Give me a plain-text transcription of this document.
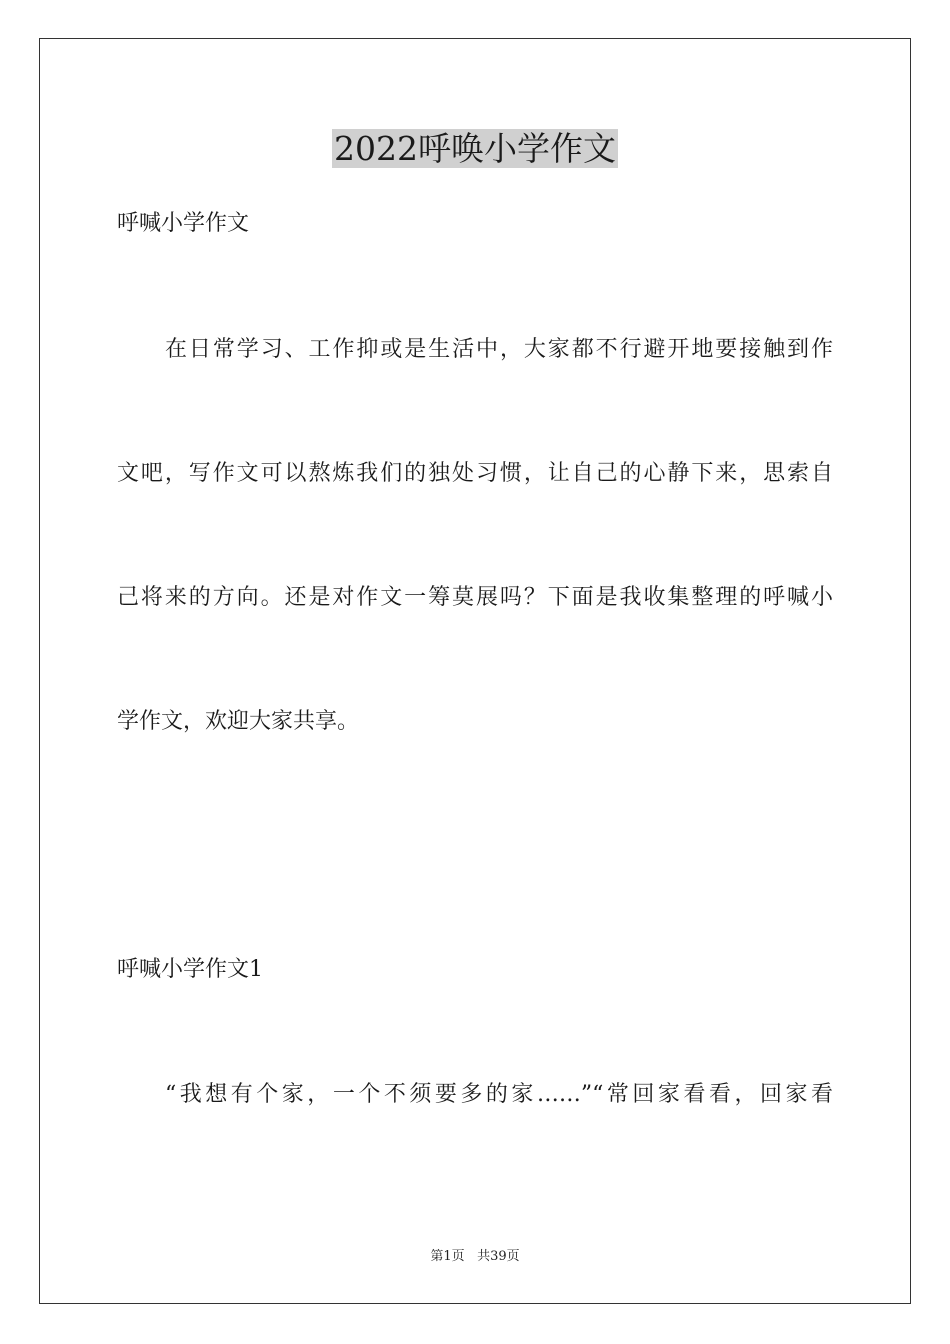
2022呼唤小学作文

呼喊小学作文

在日常学习、工作抑或是生活中，大家都不行避开地要接触到作

文吧，写作文可以熬炼我们的独处习惯，让自己的心静下来，思索自

己将来的方向。还是对作文一筹莫展吗？下面是我收集整理的呼喊小

学作文，欢迎大家共享。

呼喊小学作文1

“我想有个家，一个不须要多的家……”“常回家看看，回家看

第1页 共39页
